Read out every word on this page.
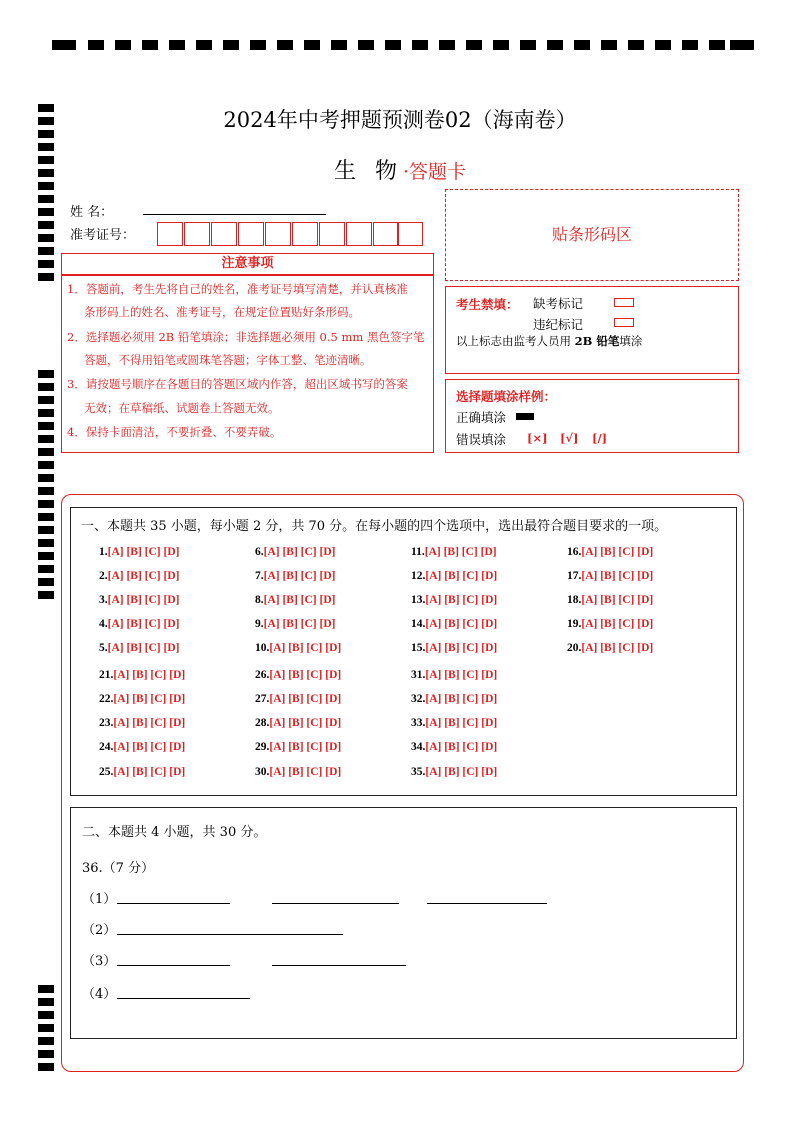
2024年中考押题预测卷02（海南卷）
生 物·答题卡
姓 名：
准考证号：	贴条形码区
注意事项
1．答题前，考生先将自己的姓名，准考证号填写清楚，并认真核准
条形码上的姓名、准考证号，在规定位置贴好条形码。
2．选择题必须用 2B 铅笔填涂；非选择题必须用 0.5 mm 黑色签字笔
答题，不得用铅笔或圆珠笔答题；字体工整、笔迹清晰。
3．请按题号顺序在各题目的答题区域内作答，超出区域书写的答案
无效；在草稿纸、试题卷上答题无效。
4．保持卡面清洁，不要折叠、不要弄破。
考生禁填： 缺考标记
违纪标记
以上标志由监考人员用 2B 铅笔填涂
选择题填涂样例：
正确填涂
错误填涂 [×] [√] [/]
一、本题共 35 小题，每小题 2 分，共 70 分。在每小题的四个选项中，选出最符合题目要求的一项。
1.[A] [B] [C] [D]
2.[A] [B] [C] [D]
3.[A] [B] [C] [D]
4.[A] [B] [C] [D]
5.[A] [B] [C] [D]
6.[A] [B] [C] [D]
7.[A] [B] [C] [D]
8.[A] [B] [C] [D]
9.[A] [B] [C] [D]
10.[A] [B] [C] [D]
11.[A] [B] [C] [D]
12.[A] [B] [C] [D]
13.[A] [B] [C] [D]
14.[A] [B] [C] [D]
15.[A] [B] [C] [D]
16.[A] [B] [C] [D]
17.[A] [B] [C] [D]
18.[A] [B] [C] [D]
19.[A] [B] [C] [D]
20.[A] [B] [C] [D]
21.[A] [B] [C] [D]
22.[A] [B] [C] [D]
23.[A] [B] [C] [D]
24.[A] [B] [C] [D]
25.[A] [B] [C] [D]
26.[A] [B] [C] [D]
27.[A] [B] [C] [D]
28.[A] [B] [C] [D]
29.[A] [B] [C] [D]
30.[A] [B] [C] [D]
31.[A] [B] [C] [D]
32.[A] [B] [C] [D]
33.[A] [B] [C] [D]
34.[A] [B] [C] [D]
35.[A] [B] [C] [D]
二、本题共 4 小题，共 30 分。
36.（7 分）
（1）
（2）
（3）
（4）
